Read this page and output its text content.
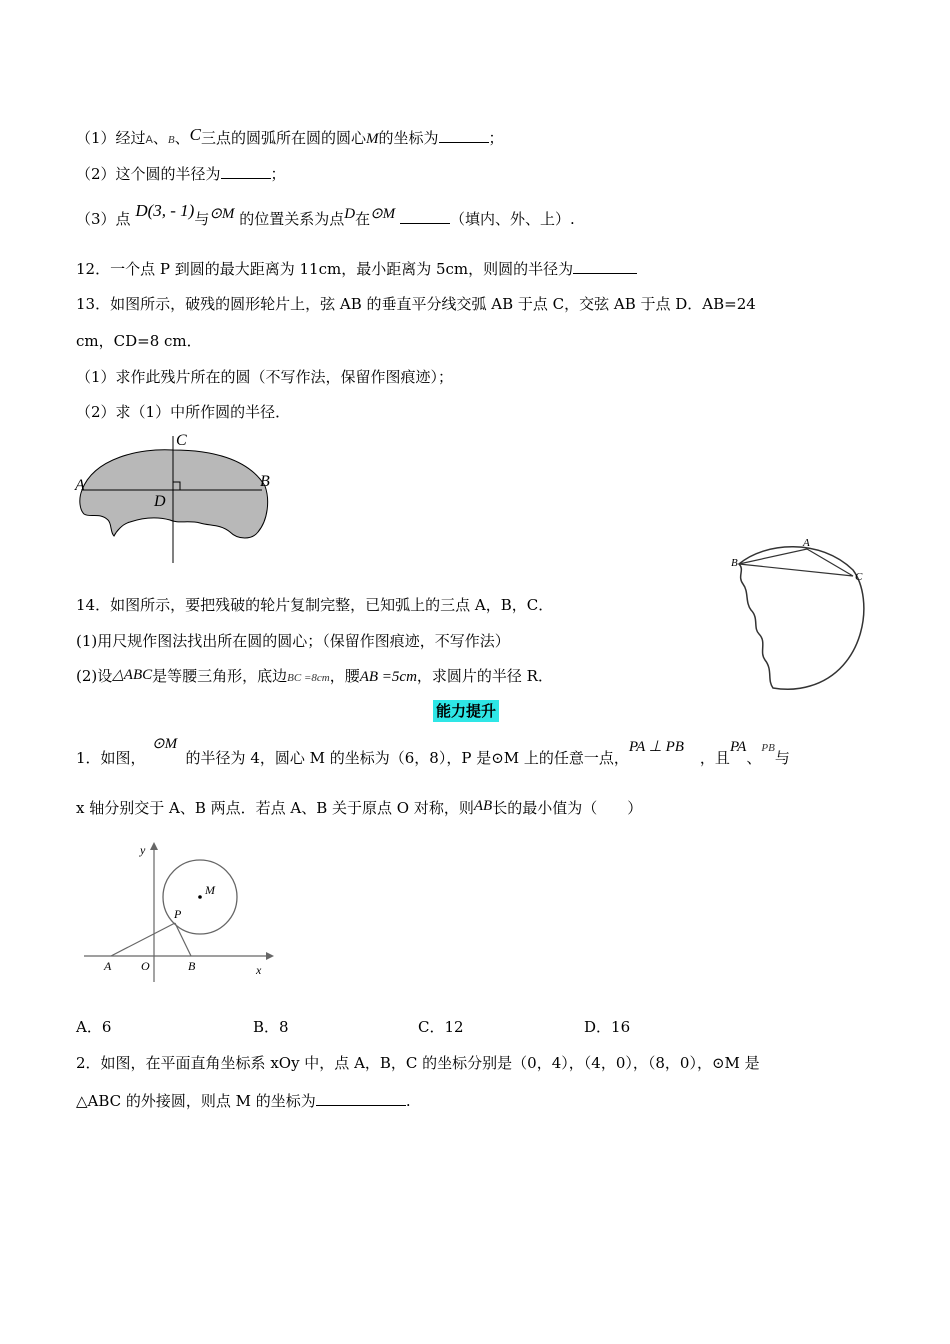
（1）经过A、B、C三点的圆弧所在圆的圆心M的坐标为	；
（2）这个圆的半径为	；
（3）点 D(3, - 1)与⊙M 的位置关系为点D在⊙M	（填内、外、上）.
12．一个点 P 到圆的最大距离为 11cm，最小距离为 5cm，则圆的半径为
13．如图所示，破残的圆形轮片上，弦 AB 的垂直平分线交弧 AB 于点 C，交弦 AB 于点 D．AB=24
cm，CD=8 cm．
（1）求作此残片所在的圆（不写作法，保留作图痕迹）；
（2）求（1）中所作圆的半径．
A	B
C
D
A
B
C
14．如图所示，要把残破的轮片复制完整，已知弧上的三点 A，B，C．
(1)用尺规作图法找出所在圆的圆心；（保留作图痕迹，不写作法）
(2)设△ABC是等腰三角形，底边BC =8cm，腰AB =5cm，求圆片的半径 R．
能力提升
1．如图，
⊙M
的半径为 4，圆心 M 的坐标为（6，8），P 是⊙M 上的任意一点，PA ⊥ PB，且PA、$^{PB}$与
x 轴分别交于 A、B 两点．若点 A、B 关于原点 O 对称，则AB长的最小值为（　　）
y
M
P
A O	B	x
A．6	B．8	C．12	D．16
2．如图，在平面直角坐标系 xOy 中，点 A，B，C 的坐标分别是（0，4），（4，0），（8，0），⊙M 是
△ABC 的外接圆，则点 M 的坐标为	.
